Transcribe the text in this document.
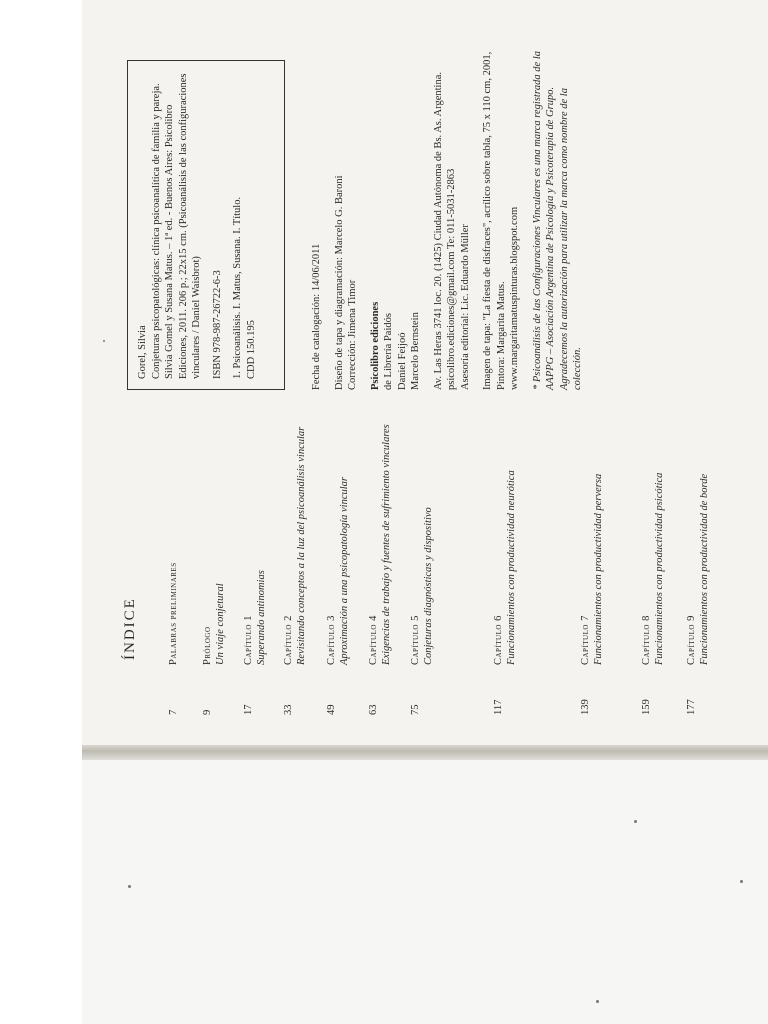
Gorel, Silvia Conjeturas psicopatológicas: clínica psicoanalítica de familia y pareja. Silvia Gomel y Susana Matus. – 1ª ed. - Buenos Aires: Psicolibro Ediciones, 2011. 206 p.; 22x15 cm. (Psicoanálisis de las configuraciones vinculares / Daniel Waisbrot) ISBN 978-987-26722-6-3 1. Psicoanálisis. I. Matus, Susana. I. Título. CDD 150.195	Fecha de catalogación: 14/06/2011 Diseño de tapa y diagramación: Marcelo G. Baroni Corrección: Jimena Timor Psicolibro ediciones de Librería Paidós Daniel Feijoó Marcelo Bernstein Av. Las Heras 3741 loc. 20. (1425) Ciudad Autónoma de Bs. As. Argentina. psicolibro.ediciones@gmail.com Te: 011-5031-2863 Asesoría editorial: Lic. Eduardo Müller Imagen de tapa: "La fiesta de disfraces", acrílico sobre tabla, 75 x 110 cm, 2001, Pintora: Margarita Matus. www.margaritamatuspinturas.blogspot.com * Psicoanálisis de las Configuraciones Vinculares es una marca registrada de la AAPPG – Asociación Argentina de Psicología y Psicoterapia de Grupo. Agradecemos la autorización para utilizar la marca como nombre de la colección.

ÍNDICE
7
Palabras preliminares
9
Prólogo Un viaje conjetural
17
Capítulo 1 Superando antinomias
33
Capítulo 2 Revisitando conceptos a la luz del psicoanálisis vincular
49
Capítulo 3 Aproximación a una psicopatología vincular
63
Capítulo 4 Exigencias de trabajo y fuentes de sufrimiento vinculares
75
Capítulo 5 Conjeturas diagnósticas y dispositivo
117
Capítulo 6 Funcionamientos con productividad neurótica
139
Capítulo 7 Funcionamientos con productividad perversa
159
Capítulo 8 Funcionamientos con productividad psicótica
177
Capítulo 9 Funcionamientos con productividad de borde
